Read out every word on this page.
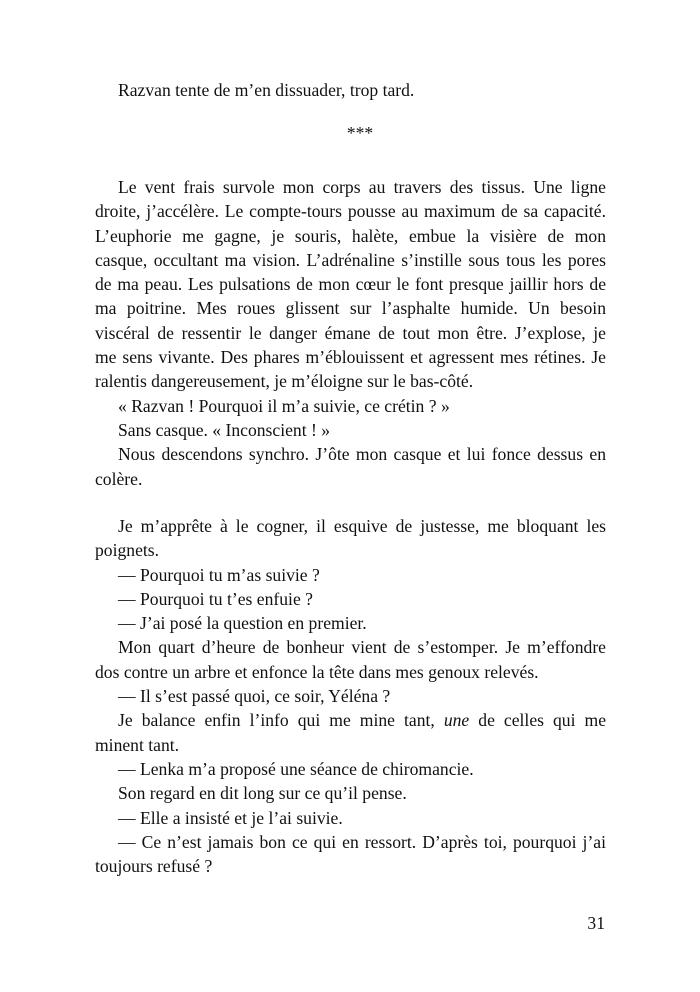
Razvan tente de m’en dissuader, trop tard.
***
Le vent frais survole mon corps au travers des tissus. Une ligne
droite, j’accélère. Le compte-tours pousse au maximum de sa capacité.
L’euphorie me gagne, je souris, halète, embue la visière de mon
casque, occultant ma vision. L’adrénaline s’instille sous tous les pores
de ma peau. Les pulsations de mon cœur le font presque jaillir hors de
ma poitrine. Mes roues glissent sur l’asphalte humide. Un besoin
viscéral de ressentir le danger émane de tout mon être. J’explose, je
me sens vivante. Des phares m’éblouissent et agressent mes rétines. Je
ralentis dangereusement, je m’éloigne sur le bas-côté.
« Razvan ! Pourquoi il m’a suivie, ce crétin ? »
Sans casque. « Inconscient ! »
Nous descendons synchro. J’ôte mon casque et lui fonce dessus en
colère.
Je m’apprête à le cogner, il esquive de justesse, me bloquant les
poignets.
— Pourquoi tu m’as suivie ?
— Pourquoi tu t’es enfuie ?
— J’ai posé la question en premier.
Mon quart d’heure de bonheur vient de s’estomper. Je m’effondre
dos contre un arbre et enfonce la tête dans mes genoux relevés.
— Il s’est passé quoi, ce soir, Yéléna ?
Je balance enfin l’info qui me mine tant, une de celles qui me
minent tant.
— Lenka m’a proposé une séance de chiromancie.
Son regard en dit long sur ce qu’il pense.
— Elle a insisté et je l’ai suivie.
— Ce n’est jamais bon ce qui en ressort. D’après toi, pourquoi j’ai
toujours refusé ?
31
